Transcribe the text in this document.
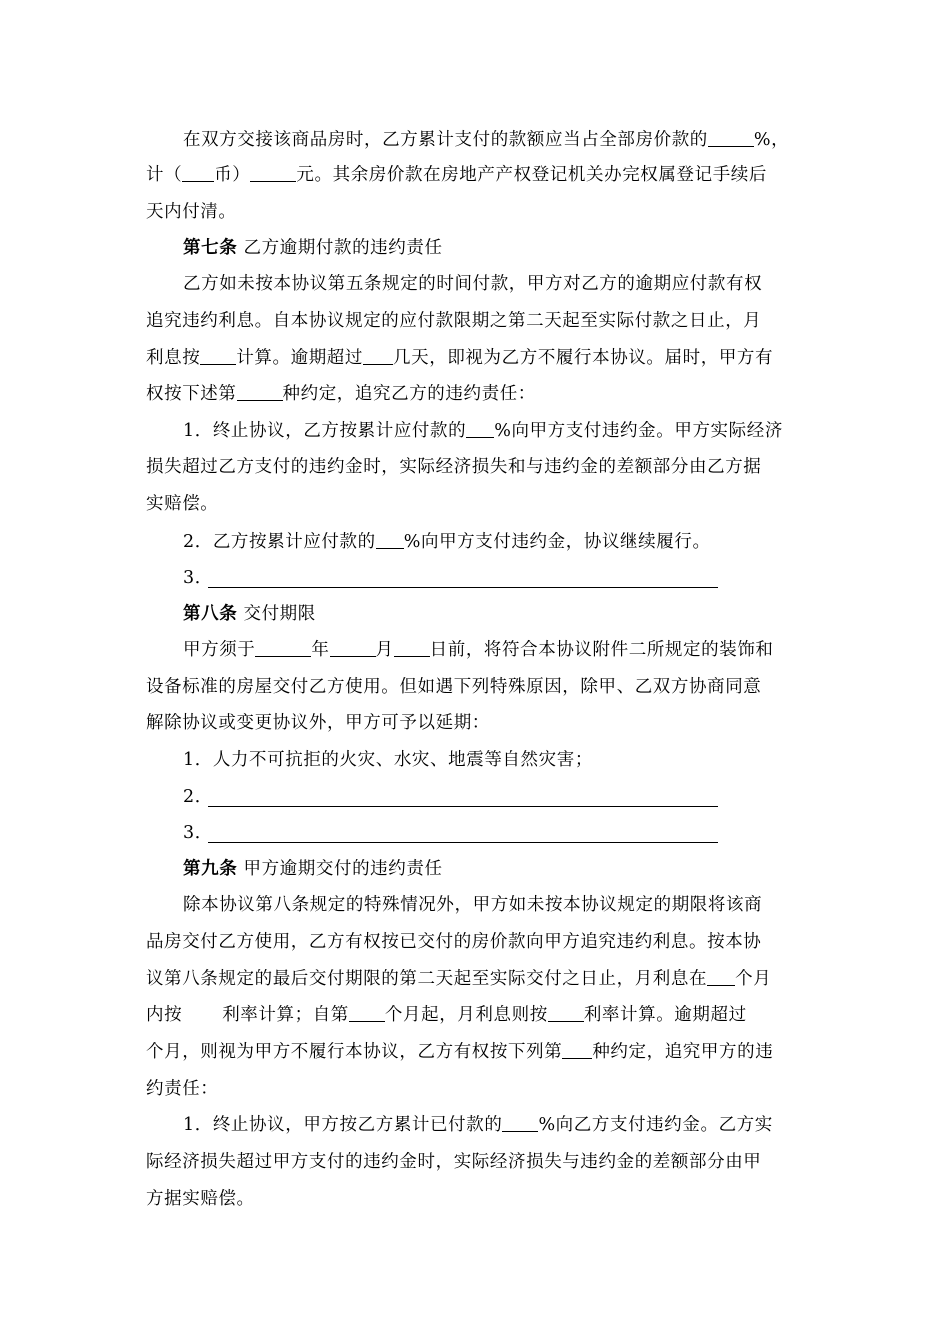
在双方交接该商品房时，乙方累计支付的款额应当占全部房价款的	%，
计（ 币）	元。其余房价款在房地产产权登记机关办完权属登记手续后
天内付清。
第七条 乙方逾期付款的违约责任
乙方如未按本协议第五条规定的时间付款，甲方对乙方的逾期应付款有权
追究违约利息。自本协议规定的应付款限期之第二天起至实际付款之日止，月
利息按 计算。逾期超过 几天，即视为乙方不履行本协议。届时，甲方有
权按下述第	种约定，追究乙方的违约责任：
1．终止协议，乙方按累计应付款的 %向甲方支付违约金。甲方实际经济
损失超过乙方支付的违约金时，实际经济损失和与违约金的差额部分由乙方据
实赔偿。
2．乙方按累计应付款的 %向甲方支付违约金，协议继续履行。
3．
第八条 交付期限
甲方须于	年	月 日前，将符合本协议附件二所规定的装饰和
设备标准的房屋交付乙方使用。但如遇下列特殊原因，除甲、乙双方协商同意
解除协议或变更协议外，甲方可予以延期：
1．人力不可抗拒的火灾、水灾、地震等自然灾害；
2．
3．
第九条 甲方逾期交付的违约责任
除本协议第八条规定的特殊情况外，甲方如未按本协议规定的期限将该商
品房交付乙方使用，乙方有权按已交付的房价款向甲方追究违约利息。按本协
议第八条规定的最后交付期限的第二天起至实际交付之日止，月利息在 个月
内按 利率计算；自第 个月起，月利息则按 利率计算。逾期超过
个月，则视为甲方不履行本协议，乙方有权按下列第 种约定，追究甲方的违
约责任：
1．终止协议，甲方按乙方累计已付款的 %向乙方支付违约金。乙方实
际经济损失超过甲方支付的违约金时，实际经济损失与违约金的差额部分由甲
方据实赔偿。
